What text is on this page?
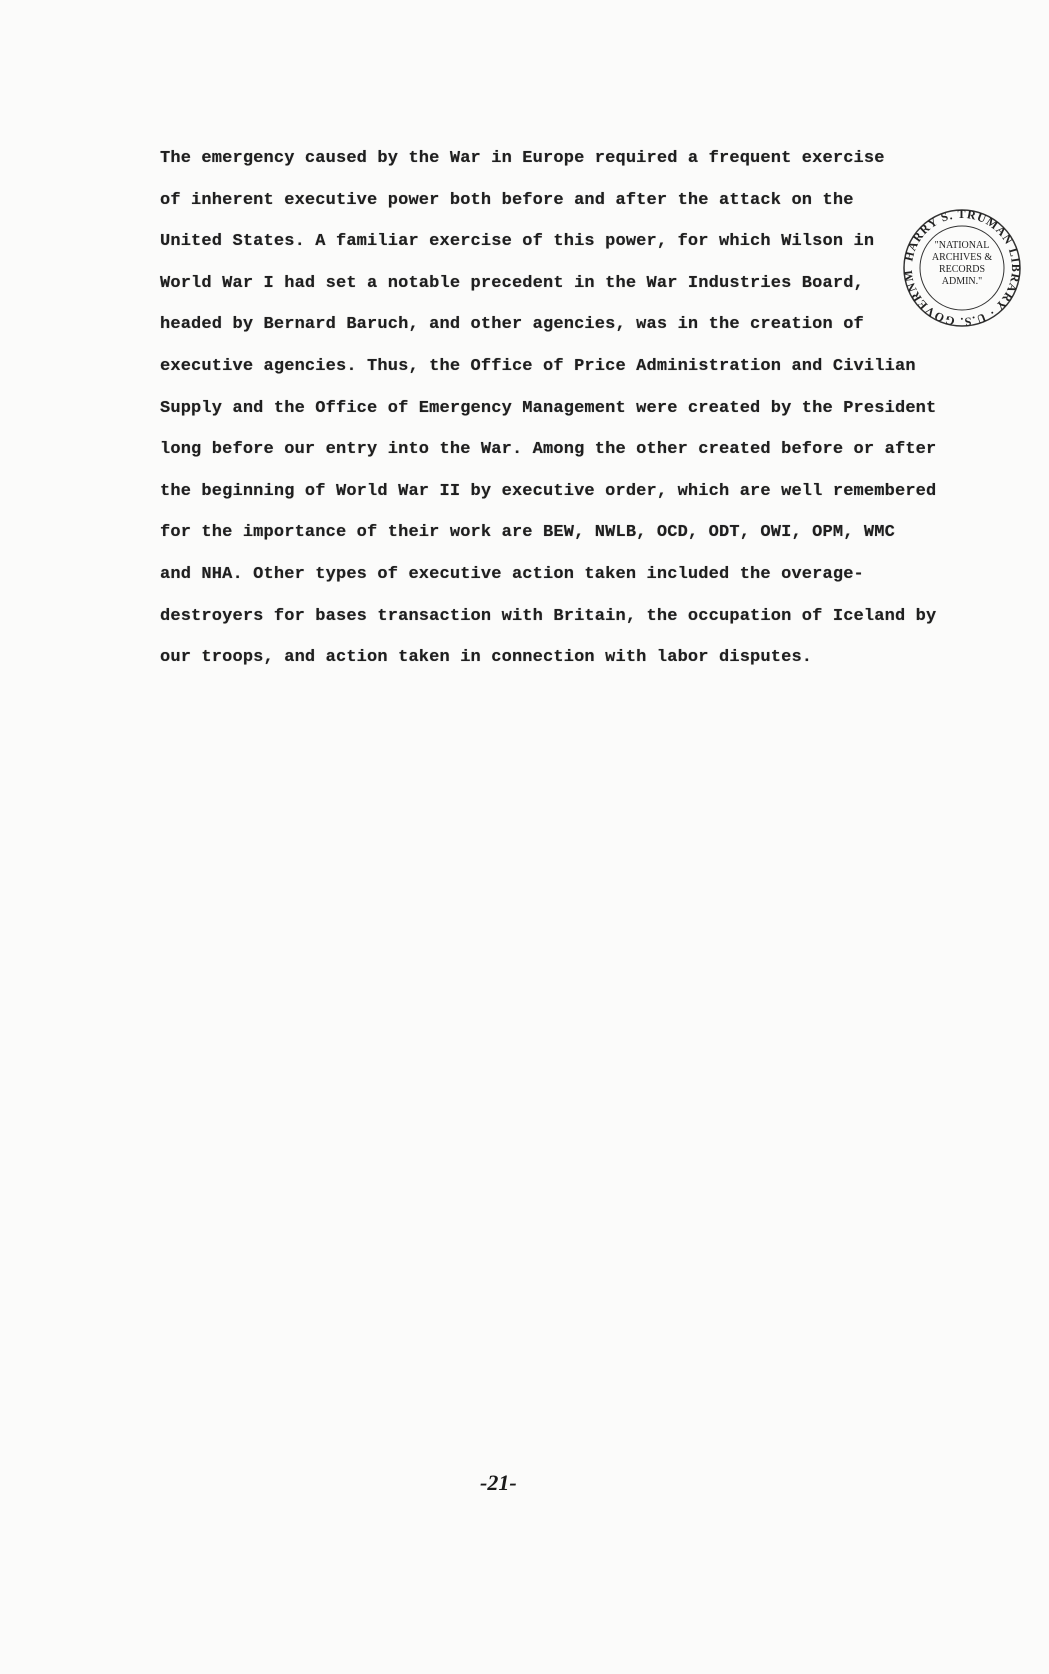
The emergency caused by the War in Europe required a frequent exercise
of inherent executive power both before and after the attack on the
United States. A familiar exercise of this power, for which Wilson in
World War I had set a notable precedent in the War Industries Board,
headed by Bernard Baruch, and other agencies, was in the creation of
executive agencies. Thus, the Office of Price Administration and Civilian
Supply and the Office of Emergency Management were created by the President
long before our entry into the War. Among the other created before or after
the beginning of World War II by executive order, which are well remembered
for the importance of their work are BEW, NWLB, OCD, ODT, OWI, OPM, WMC
and NHA. Other types of executive action taken included the overage-
destroyers for bases transaction with Britain, the occupation of Iceland by
our troops, and action taken in connection with labor disputes.
HARRY S. TRUMAN LIBRARY · U.S. GOVERNM
"NATIONAL
ARCHIVES &
RECORDS
ADMIN."
-21-
